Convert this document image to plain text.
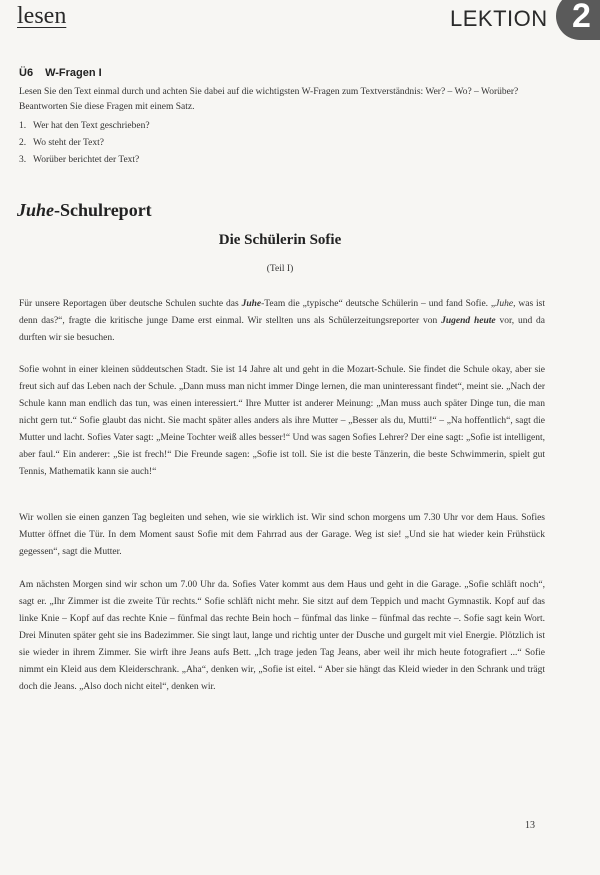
lesen	LEKTION 2
Ü6 W-Fragen I
Lesen Sie den Text einmal durch und achten Sie dabei auf die wichtigsten W-Fragen zum Textverständnis: Wer? – Wo? – Worüber? Beantworten Sie diese Fragen mit einem Satz.
1. Wer hat den Text geschrieben?
2. Wo steht der Text?
3. Worüber berichtet der Text?
Juhe-Schulreport
Die Schülerin Sofie
(Teil I)

Für unsere Reportagen über deutsche Schulen suchte das Juhe-Team die „typische“ deutsche Schülerin – und fand Sofie. „Juhe, was ist denn das?“, fragte die kritische junge Dame erst einmal. Wir stellten uns als Schülerzeitungsreporter von Jugend heute vor, und da durften wir sie besuchen.

Sofie wohnt in einer kleinen süddeutschen Stadt. Sie ist 14 Jahre alt und geht in die Mozart-Schule. Sie findet die Schule okay, aber sie freut sich auf das Leben nach der Schule. „Dann muss man nicht immer Dinge lernen, die man uninteressant findet“, meint sie. „Nach der Schule kann man endlich das tun, was einen interessiert.“ Ihre Mutter ist anderer Meinung: „Man muss auch später Dinge tun, die man nicht gern tut.“ Sofie glaubt das nicht. Sie macht später alles anders als ihre Mutter – „Besser als du, Mutti!“ – „Na hoffentlich“, sagt die Mutter und lacht. Sofies Vater sagt: „Meine Tochter weiß alles besser!“ Und was sagen Sofies Lehrer? Der eine sagt: „Sofie ist intelligent, aber faul.“ Ein anderer: „Sie ist frech!“ Die Freunde sagen: „Sofie ist toll. Sie ist die beste Tänzerin, die beste Schwimmerin, spielt gut Tennis, Mathematik kann sie auch!“

Wir wollen sie einen ganzen Tag begleiten und sehen, wie sie wirklich ist. Wir sind schon morgens um 7.30 Uhr vor dem Haus. Sofies Mutter öffnet die Tür. In dem Moment saust Sofie mit dem Fahrrad aus der Garage. Weg ist sie! „Und sie hat wieder kein Frühstück gegessen“, sagt die Mutter.

Am nächsten Morgen sind wir schon um 7.00 Uhr da. Sofies Vater kommt aus dem Haus und geht in die Garage. „Sofie schläft noch“, sagt er. „Ihr Zimmer ist die zweite Tür rechts.“ Sofie schläft nicht mehr. Sie sitzt auf dem Teppich und macht Gymnastik. Kopf auf das linke Knie – Kopf auf das rechte Knie – fünfmal das rechte Bein hoch – fünfmal das linke – fünfmal das rechte –. Sofie sagt kein Wort. Drei Minuten später geht sie ins Badezimmer. Sie singt laut, lange und richtig unter der Dusche und gurgelt mit viel Energie. Plötzlich ist sie wieder in ihrem Zimmer. Sie wirft ihre Jeans aufs Bett. „Ich trage jeden Tag Jeans, aber weil ihr mich heute fotografiert ...“ Sofie nimmt ein Kleid aus dem Kleiderschrank. „Aha“, denken wir, „Sofie ist eitel. “ Aber sie hängt das Kleid wieder in den Schrank und trägt doch die Jeans. „Also doch nicht eitel“, denken wir.

13
